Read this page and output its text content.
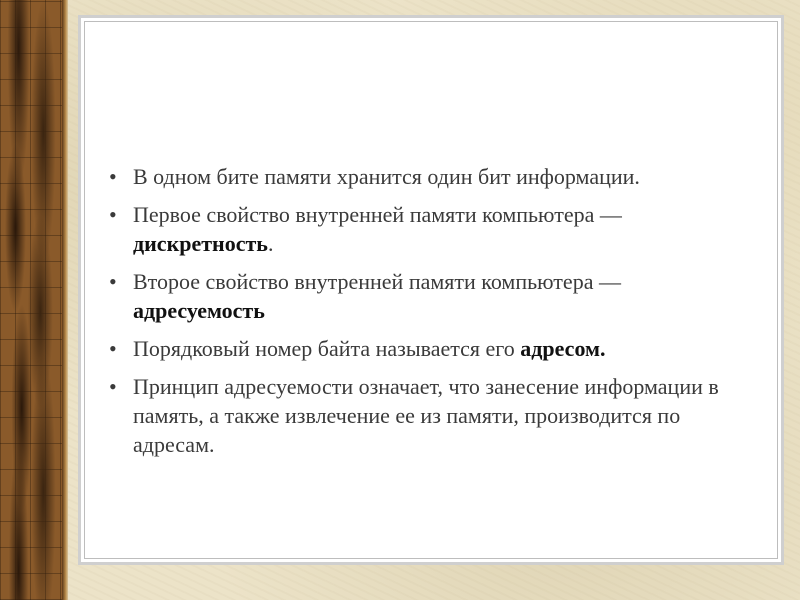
• В одном бите памяти хранится один бит информации.
• Первое свойство внутренней памяти компьютера — дискретность.
• Второе свойство внутренней памяти компьютера — адресуемость
• Порядковый номер байта называется его адресом.
• Принцип адресуемости означает, что занесение информации в память, а также извлечение ее из памяти, производится по адресам.
